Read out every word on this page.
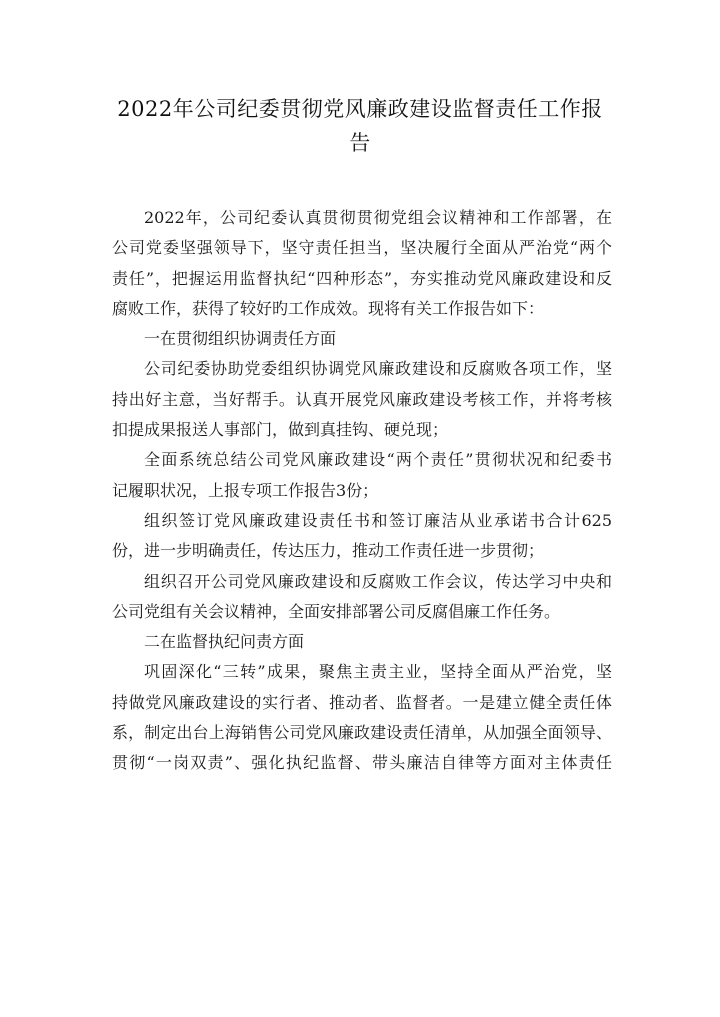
2022年公司纪委贯彻党风廉政建设监督责任工作报
告
2022年，公司纪委认真贯彻贯彻党组会议精神和工作部署，在
公司党委坚强领导下，坚守责任担当，坚决履行全面从严治党“两个
责任”，把握运用监督执纪“四种形态”，夯实推动党风廉政建设和反
腐败工作，获得了较好旳工作成效。现将有关工作报告如下：
一在贯彻组织协调责任方面
公司纪委协助党委组织协调党风廉政建设和反腐败各项工作，坚
持出好主意，当好帮手。认真开展党风廉政建设考核工作，并将考核
扣提成果报送人事部门，做到真挂钩、硬兑现；
全面系统总结公司党风廉政建设“两个责任”贯彻状况和纪委书
记履职状况，上报专项工作报告3份；
组织签订党风廉政建设责任书和签订廉洁从业承诺书合计625
份，进一步明确责任，传达压力，推动工作责任进一步贯彻；
组织召开公司党风廉政建设和反腐败工作会议，传达学习中央和
公司党组有关会议精神，全面安排部署公司反腐倡廉工作任务。
二在监督执纪问责方面
巩固深化“三转”成果，聚焦主责主业，坚持全面从严治党，坚
持做党风廉政建设的实行者、推动者、监督者。一是建立健全责任体
系，制定出台上海销售公司党风廉政建设责任清单，从加强全面领导、
贯彻“一岗双责”、强化执纪监督、带头廉洁自律等方面对主体责任
